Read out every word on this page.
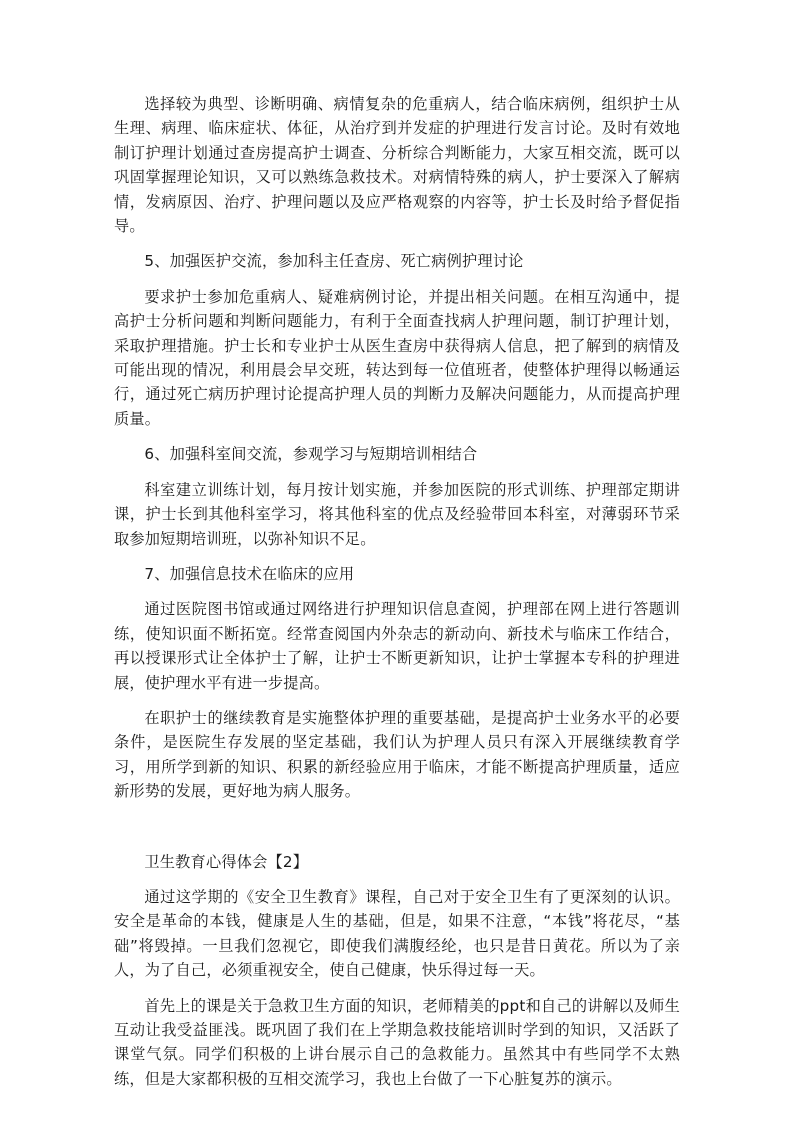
选择较为典型、诊断明确、病情复杂的危重病人，结合临床病例，组织护士从生理、病理、临床症状、体征，从治疗到并发症的护理进行发言讨论。及时有效地制订护理计划通过查房提高护士调查、分析综合判断能力，大家互相交流，既可以巩固掌握理论知识，又可以熟练急救技术。对病情特殊的病人，护士要深入了解病情，发病原因、治疗、护理问题以及应严格观察的内容等，护士长及时给予督促指导。

5、加强医护交流，参加科主任查房、死亡病例护理讨论

要求护士参加危重病人、疑难病例讨论，并提出相关问题。在相互沟通中，提高护士分析问题和判断问题能力，有利于全面查找病人护理问题，制订护理计划，采取护理措施。护士长和专业护士从医生查房中获得病人信息，把了解到的病情及可能出现的情况，利用晨会早交班，转达到每一位值班者，使整体护理得以畅通运行，通过死亡病历护理讨论提高护理人员的判断力及解决问题能力，从而提高护理质量。

6、加强科室间交流，参观学习与短期培训相结合

科室建立训练计划，每月按计划实施，并参加医院的形式训练、护理部定期讲课，护士长到其他科室学习，将其他科室的优点及经验带回本科室，对薄弱环节采取参加短期培训班，以弥补知识不足。

7、加强信息技术在临床的应用

通过医院图书馆或通过网络进行护理知识信息查阅，护理部在网上进行答题训练，使知识面不断拓宽。经常查阅国内外杂志的新动向、新技术与临床工作结合，再以授课形式让全体护士了解，让护士不断更新知识，让护士掌握本专科的护理进展，使护理水平有进一步提高。

在职护士的继续教育是实施整体护理的重要基础，是提高护士业务水平的必要条件，是医院生存发展的坚定基础，我们认为护理人员只有深入开展继续教育学习，用所学到新的知识、积累的新经验应用于临床，才能不断提高护理质量，适应新形势的发展，更好地为病人服务。

卫生教育心得体会【2】

通过这学期的《安全卫生教育》课程，自己对于安全卫生有了更深刻的认识。安全是革命的本钱，健康是人生的基础，但是，如果不注意，“本钱”将花尽，“基础”将毁掉。一旦我们忽视它，即使我们满腹经纶，也只是昔日黄花。所以为了亲人，为了自己，必须重视安全，使自己健康，快乐得过每一天。

首先上的课是关于急救卫生方面的知识，老师精美的ppt和自己的讲解以及师生互动让我受益匪浅。既巩固了我们在上学期急救技能培训时学到的知识，又活跃了课堂气氛。同学们积极的上讲台展示自己的急救能力。虽然其中有些同学不太熟练，但是大家都积极的互相交流学习，我也上台做了一下心脏复苏的演示。
